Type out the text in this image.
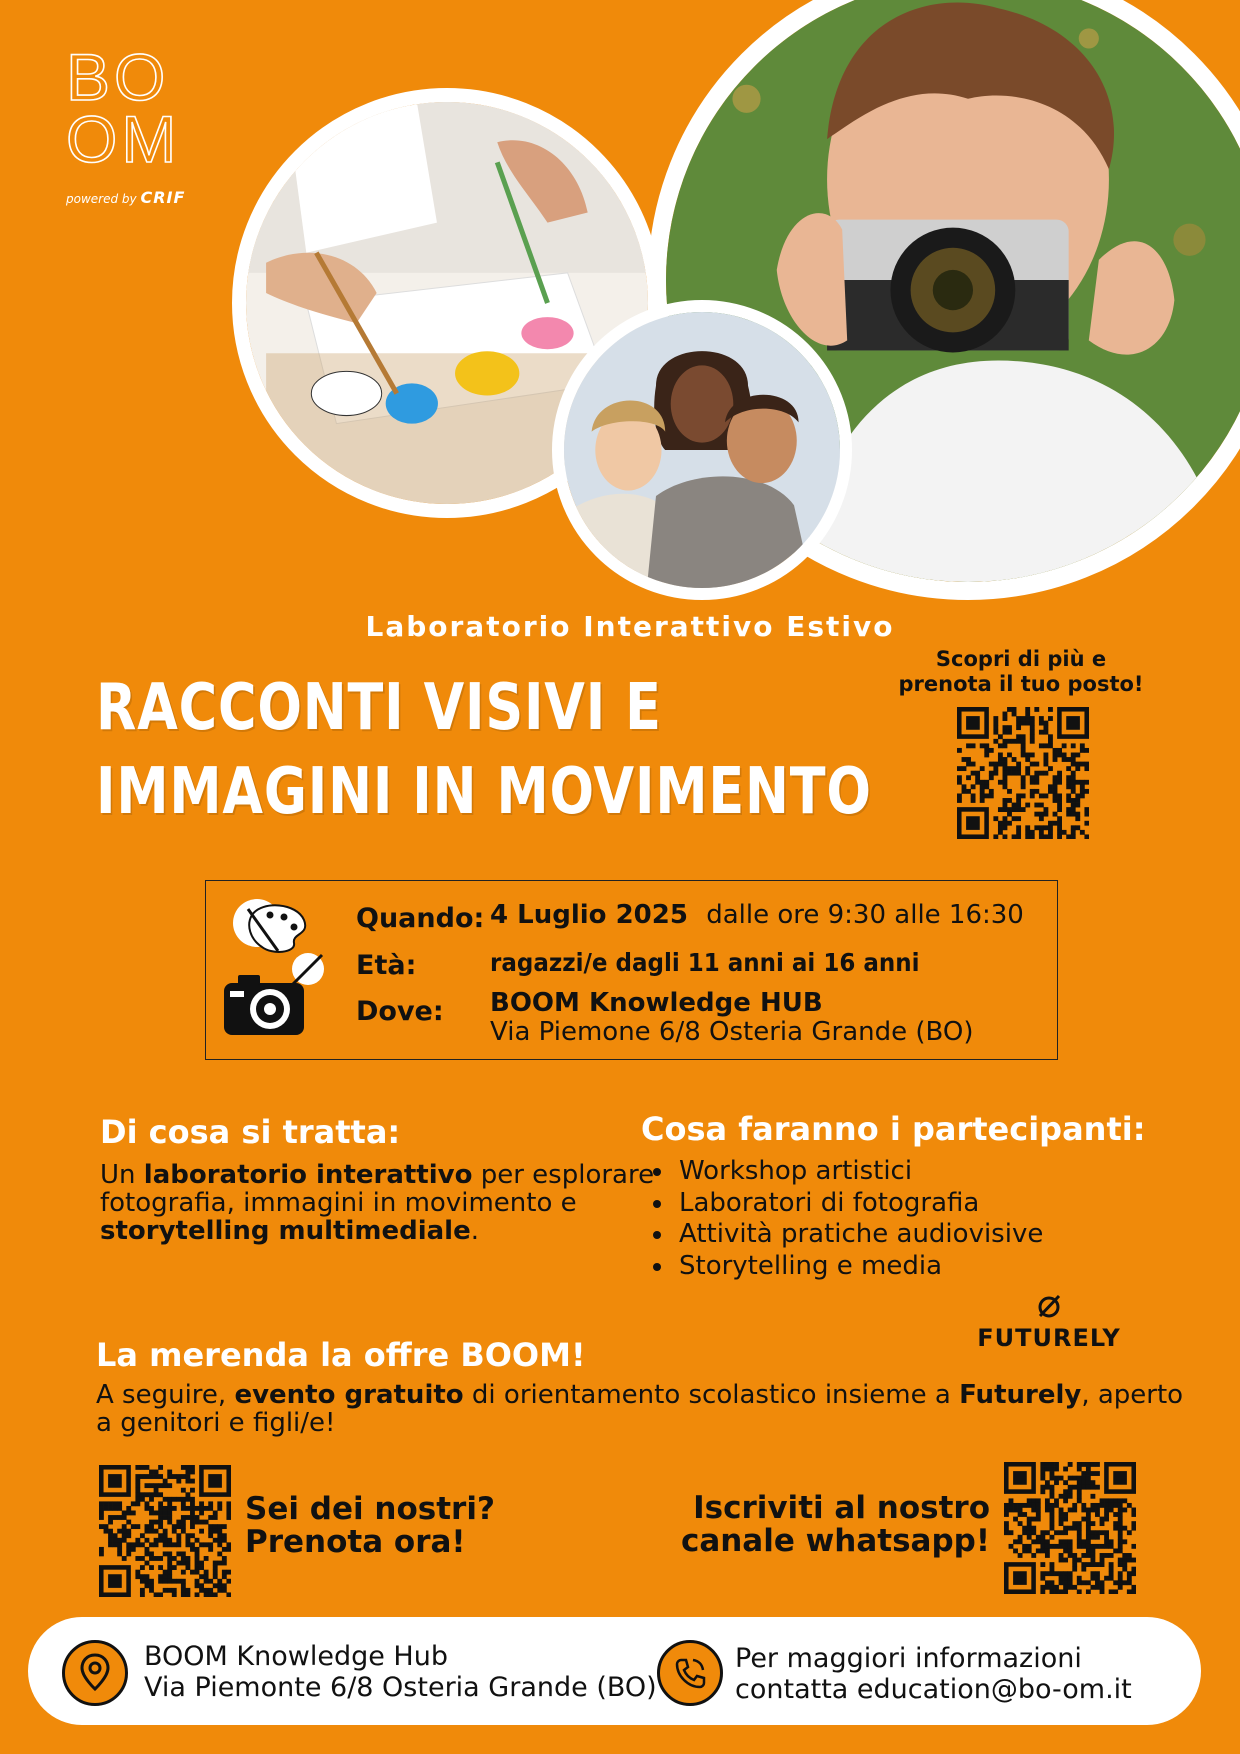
BO
OM
powered by CRIF
Laboratorio Interattivo Estivo
RACCONTI VISIVI E
IMMAGINI IN MOVIMENTO
Scopri di più e
prenota il tuo posto!
Quando: 4 Luglio 2025 dalle ore 9:30 alle 16:30
Età:	ragazzi/e dagli 11 anni ai 16 anni
Dove: BOOM Knowledge HUB
Via Piemone 6/8 Osteria Grande (BO)
Di cosa si tratta:
Un laboratorio interattivo per esplorare
fotografia, immagini in movimento e
storytelling multimediale.
Cosa faranno i partecipanti:
• Workshop artistici
• Laboratori di fotografia
• Attività pratiche audiovisive
• Storytelling e media
FUTURELY
La merenda la offre BOOM!
A seguire, evento gratuito di orientamento scolastico insieme a Futurely, aperto
a genitori e figli/e!
Sei dei nostri?
Prenota ora!
Iscriviti al nostro
canale whatsapp!
BOOM Knowledge Hub
Via Piemonte 6/8 Osteria Grande (BO)
Per maggiori informazioni
contatta education@bo-om.it
